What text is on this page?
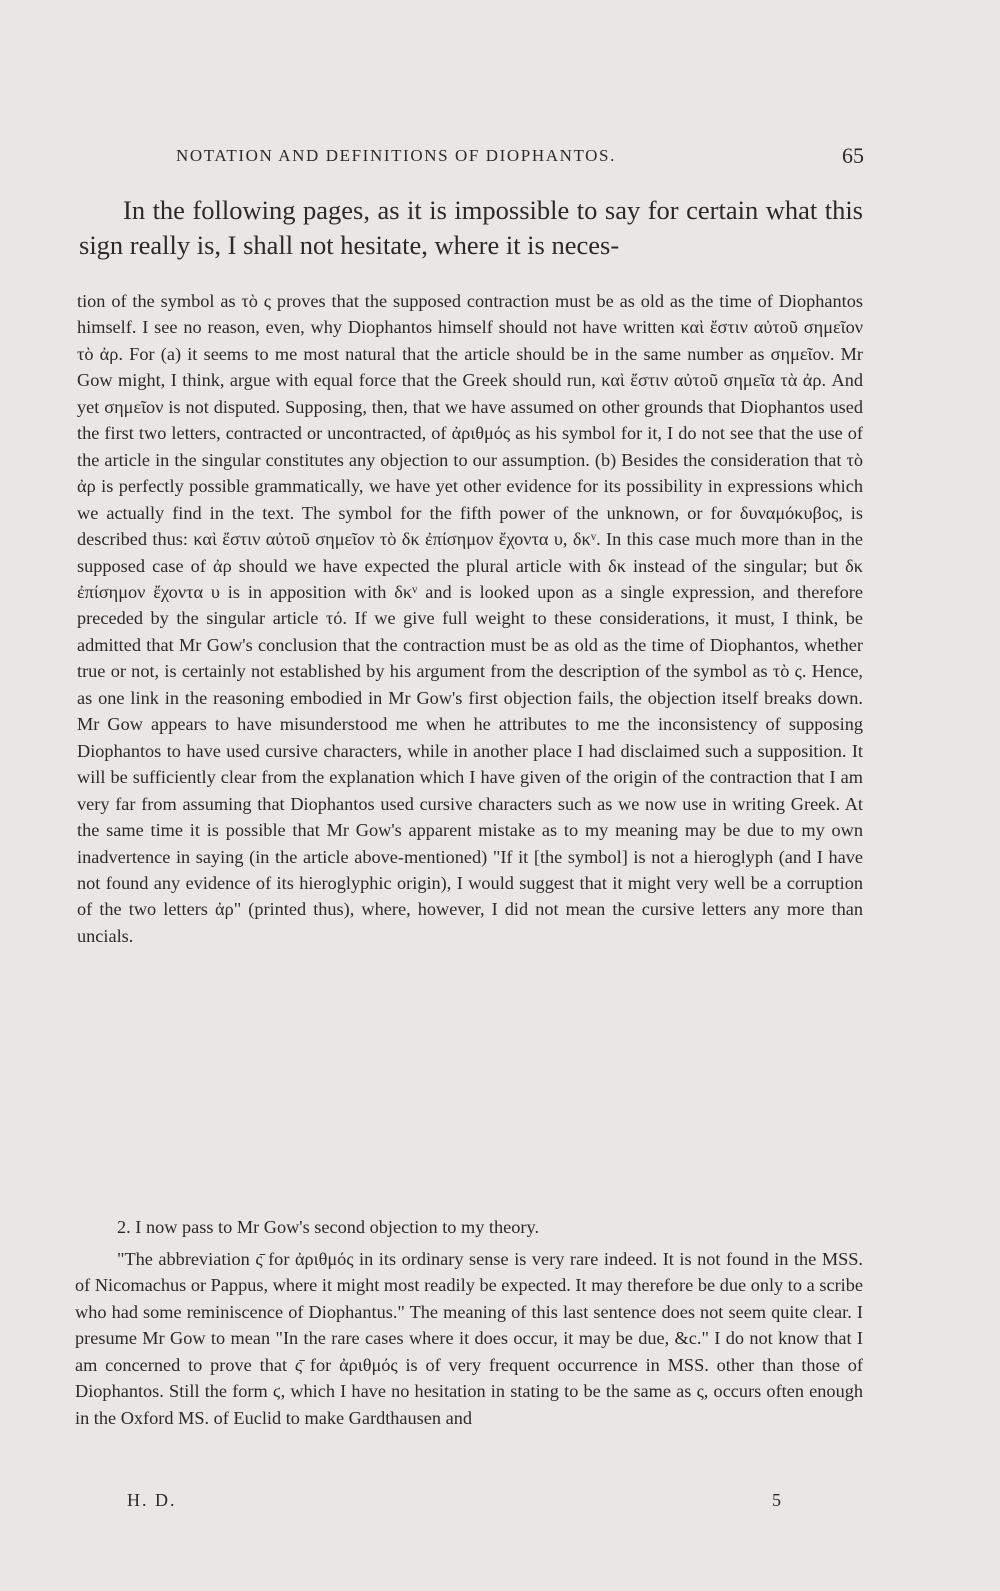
NOTATION AND DEFINITIONS OF DIOPHANTOS.	65
In the following pages, as it is impossible to say for certain what this sign really is, I shall not hesitate, where it is neces-

tion of the symbol as τὸ ς proves that the supposed contraction must be as old as the time of Diophantos himself. I see no reason, even, why Diophantos himself should not have written καὶ ἔστιν αὐτοῦ σημεῖον τὸ ἀρ. For (a) it seems to me most natural that the article should be in the same number as σημεῖον. Mr Gow might, I think, argue with equal force that the Greek should run, καὶ ἔστιν αὐτοῦ σημεῖα τὰ ἀρ. And yet σημεῖον is not disputed. Supposing, then, that we have assumed on other grounds that Diophantos used the first two letters, contracted or uncontracted, of ἀριθμός as his symbol for it, I do not see that the use of the article in the singular constitutes any objection to our assumption. (b) Besides the consideration that τὸ ἀρ is perfectly possible grammatically, we have yet other evidence for its possibility in expressions which we actually find in the text. The symbol for the fifth power of the unknown, or for δυναμόκυβος, is described thus: καὶ ἔστιν αὐτοῦ σημεῖον τὸ δκ ἐπίσημον ἔχοντα υ, δκᵛ. In this case much more than in the supposed case of ἀρ should we have expected the plural article with δκ instead of the singular; but δκ ἐπίσημον ἔχοντα υ is in apposition with δκᵛ and is looked upon as a single expression, and therefore preceded by the singular article τό. If we give full weight to these considerations, it must, I think, be admitted that Mr Gow's conclusion that the contraction must be as old as the time of Diophantos, whether true or not, is certainly not established by his argument from the description of the symbol as τὸ ς. Hence, as one link in the reasoning embodied in Mr Gow's first objection fails, the objection itself breaks down. Mr Gow appears to have misunderstood me when he attributes to me the inconsistency of supposing Diophantos to have used cursive characters, while in another place I had disclaimed such a supposition. It will be sufficiently clear from the explanation which I have given of the origin of the contraction that I am very far from assuming that Diophantos used cursive characters such as we now use in writing Greek. At the same time it is possible that Mr Gow's apparent mistake as to my meaning may be due to my own inadvertence in saying (in the article above-mentioned) "If it [the symbol] is not a hieroglyph (and I have not found any evidence of its hieroglyphic origin), I would suggest that it might very well be a corruption of the two letters ἀρ" (printed thus), where, however, I did not mean the cursive letters any more than uncials.

2. I now pass to Mr Gow's second objection to my theory.

"The abbreviation ς̄ for ἀριθμός in its ordinary sense is very rare indeed. It is not found in the MSS. of Nicomachus or Pappus, where it might most readily be expected. It may therefore be due only to a scribe who had some reminiscence of Diophantus." The meaning of this last sentence does not seem quite clear. I presume Mr Gow to mean "In the rare cases where it does occur, it may be due, &c." I do not know that I am concerned to prove that ς̄ for ἀριθμός is of very frequent occurrence in MSS. other than those of Diophantos. Still the form ϛ, which I have no hesitation in stating to be the same as ς, occurs often enough in the Oxford MS. of Euclid to make Gardthausen and

H. D.	5
